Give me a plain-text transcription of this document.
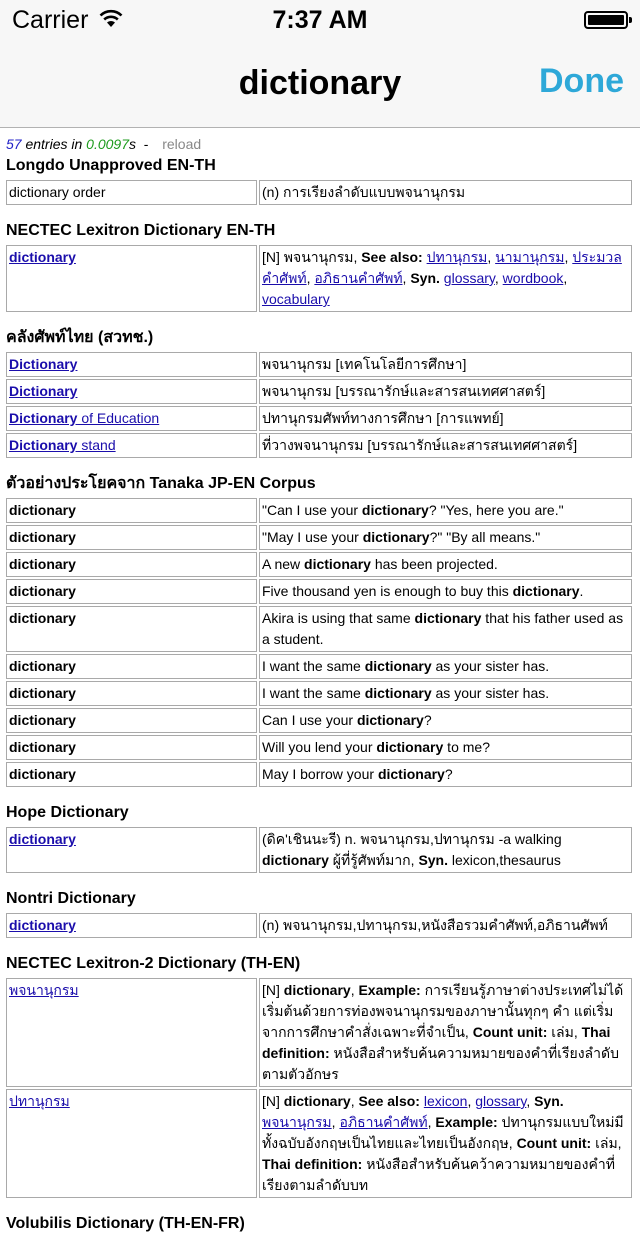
Carrier	7:37 AM
dictionary	Done
57 entries in 0.0097s  -  reload
Longdo Unapproved EN-TH
dictionary order	(n) การเรียงลำดับแบบพจนานุกรม
NECTEC Lexitron Dictionary EN-TH
dictionary	[N] พจนานุกรม, See also: ปทานุกรม, นามานุกรม, ประมวลคำศัพท์, อภิธานคำศัพท์, Syn. glossary, wordbook, vocabulary
คลังศัพท์ไทย (สวทช.)
Dictionary	พจนานุกรม [เทคโนโลยีการศึกษา]
Dictionary	พจนานุกรม [บรรณารักษ์และสารสนเทศศาสตร์]
Dictionary of Education	ปทานุกรมศัพท์ทางการศึกษา [การแพทย์]
Dictionary stand	ที่วางพจนานุกรม [บรรณารักษ์และสารสนเทศศาสตร์]
ตัวอย่างประโยคจาก Tanaka JP-EN Corpus
dictionary	"Can I use your dictionary? "Yes, here you are."
dictionary	"May I use your dictionary?" "By all means."
dictionary	A new dictionary has been projected.
dictionary	Five thousand yen is enough to buy this dictionary.
dictionary	Akira is using that same dictionary that his father used as a student.
dictionary	I want the same dictionary as your sister has.
dictionary	I want the same dictionary as your sister has.
dictionary	Can I use your dictionary?
dictionary	Will you lend your dictionary to me?
dictionary	May I borrow your dictionary?
Hope Dictionary
dictionary	(ดิค'เชินนะรี) n. พจนานุกรม,ปทานุกรม -a walking dictionary ผู้ที่รู้ศัพท์มาก, Syn. lexicon,thesaurus
Nontri Dictionary
dictionary	(n) พจนานุกรม,ปทานุกรม,หนังสือรวมคำศัพท์,อภิธานศัพท์
NECTEC Lexitron-2 Dictionary (TH-EN)
พจนานุกรม	[N] dictionary, Example: การเรียนรู้ภาษาต่างประเทศไม่ได้เริ่มต้นด้วยการท่องพจนานุกรมของภาษานั้นทุกๆ คำ แต่เริ่มจากการศึกษาคำสั่งเฉพาะที่จำเป็น, Count unit: เล่ม, Thai definition: หนังสือสำหรับค้นความหมายของคำที่เรียงลำดับตามตัวอักษร
ปทานุกรม	[N] dictionary, See also: lexicon, glossary, Syn. พจนานุกรม, อภิธานคำศัพท์, Example: ปทานุกรมแบบใหม่มีทั้งฉบับอังกฤษเป็นไทยและไทยเป็นอังกฤษ, Count unit: เล่ม, Thai definition: หนังสือสำหรับค้นคว้าความหมายของคำที่เรียงตามลำดับบท
Volubilis Dictionary (TH-EN-FR)
